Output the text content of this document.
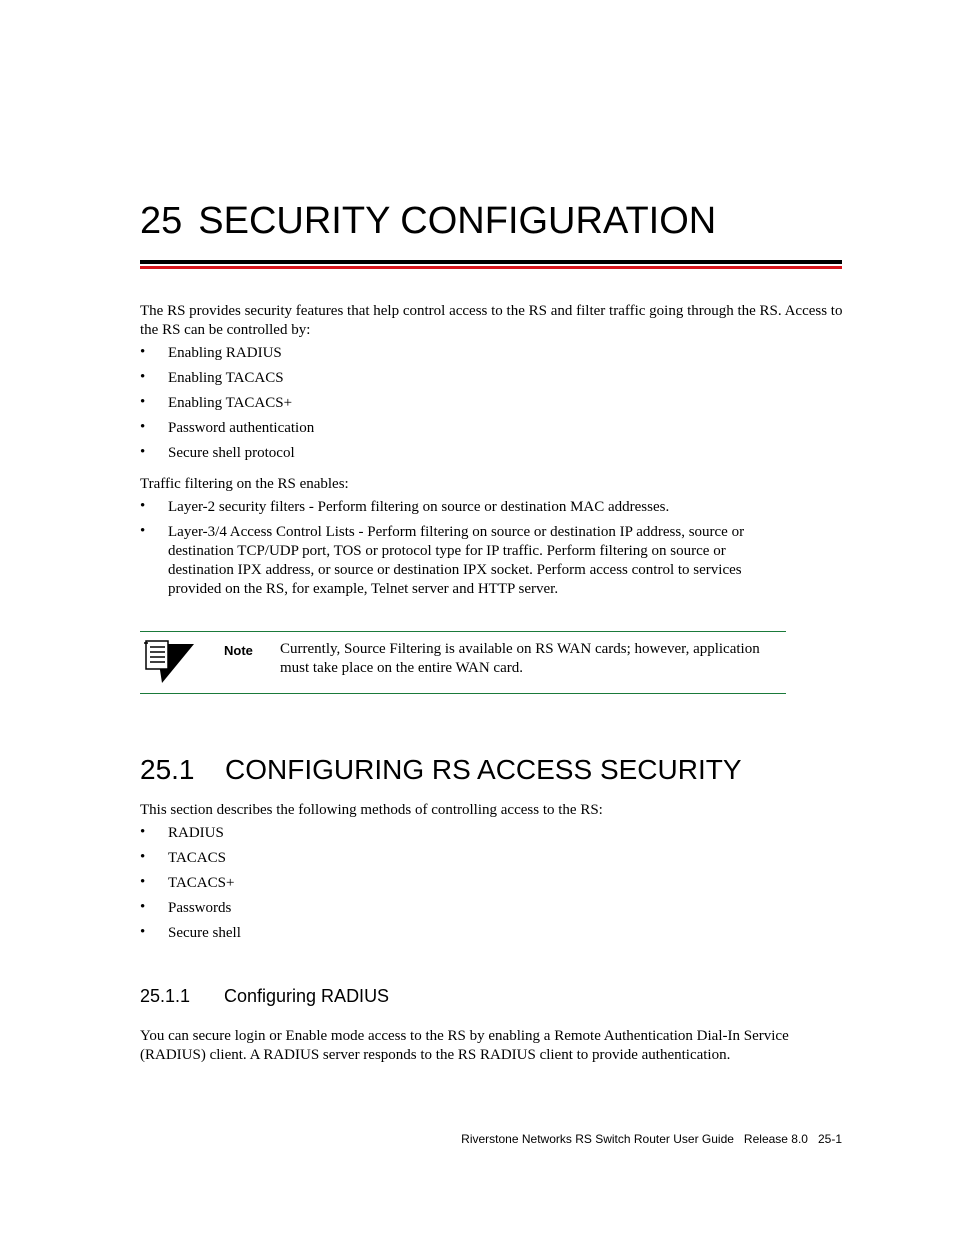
25 SECURITY CONFIGURATION
The RS provides security features that help control access to the RS and filter traffic going through the RS. Access to the RS can be controlled by:
• Enabling RADIUS
• Enabling TACACS
• Enabling TACACS+
• Password authentication
• Secure shell protocol
Traffic filtering on the RS enables:
• Layer-2 security filters - Perform filtering on source or destination MAC addresses.
• Layer-3/4 Access Control Lists - Perform filtering on source or destination IP address, source or destination TCP/UDP port, TOS or protocol type for IP traffic. Perform filtering on source or destination IPX address, or source or destination IPX socket. Perform access control to services provided on the RS, for example, Telnet server and HTTP server.
Note Currently, Source Filtering is available on RS WAN cards; however, application must take place on the entire WAN card.
25.1 CONFIGURING RS ACCESS SECURITY
This section describes the following methods of controlling access to the RS:
• RADIUS
• TACACS
• TACACS+
• Passwords
• Secure shell
25.1.1 Configuring RADIUS
You can secure login or Enable mode access to the RS by enabling a Remote Authentication Dial-In Service (RADIUS) client. A RADIUS server responds to the RS RADIUS client to provide authentication.
Riverstone Networks RS Switch Router User Guide   Release 8.0   25-1
